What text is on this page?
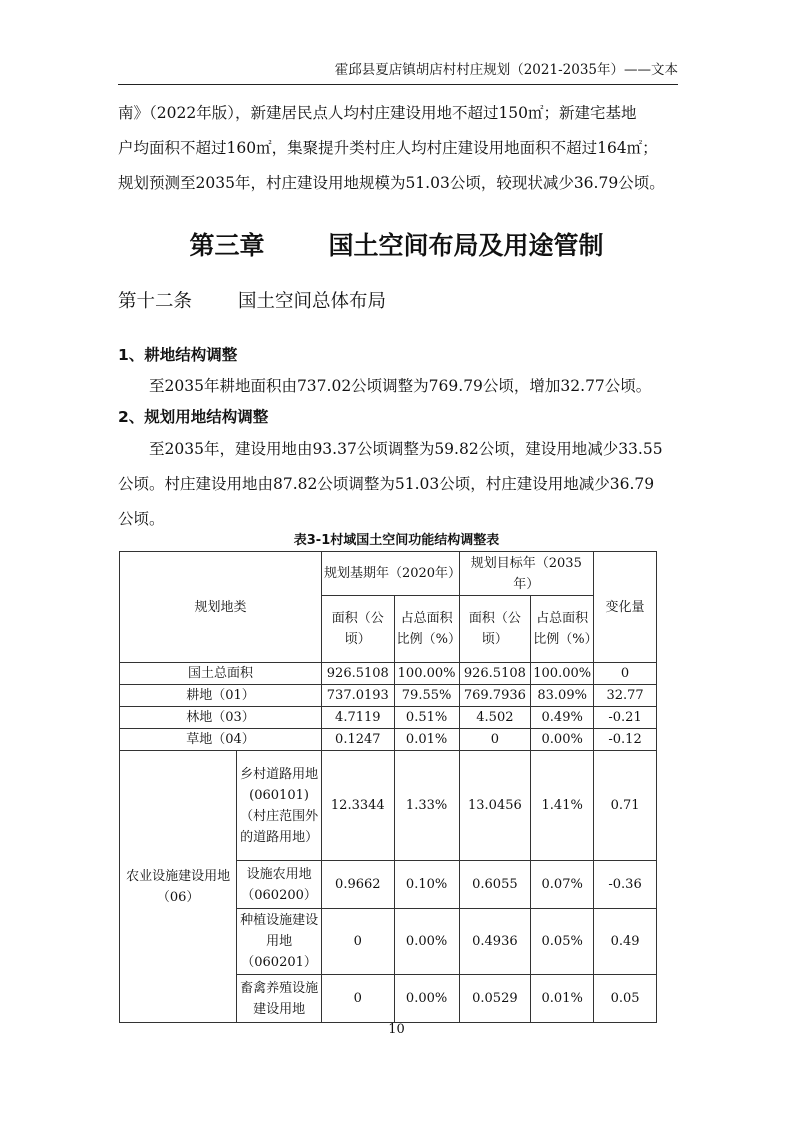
霍邱县夏店镇胡店村村庄规划（2021-2035年）——文本
南》（2022年版），新建居民点人均村庄建设用地不超过150㎡；新建宅基地
户均面积不超过160㎡，集聚提升类村庄人均村庄建设用地面积不超过164㎡；
规划预测至2035年，村庄建设用地规模为51.03公顷，较现状减少36.79公顷。
第三章	国土空间布局及用途管制
第十二条 国土空间总体布局
1、耕地结构调整
至2035年耕地面积由737.02公顷调整为769.79公顷，增加32.77公顷。
2、规划用地结构调整
至2035年，建设用地由93.37公顷调整为59.82公顷，建设用地减少33.55
公顷。村庄建设用地由87.82公顷调整为51.03公顷，村庄建设用地减少36.79
公顷。
表3-1村域国土空间功能结构调整表
规划地类		规划基期年（2020年）		规划目标年（2035年）		变化量
		面积（公顷）	占总面积比例（%）	面积（公顷）	占总面积比例（%）	
国土总面积		926.5108	100.00%	926.5108	100.00%	0
耕地（01）		737.0193	79.55%	769.7936	83.09%	32.77
林地（03）		4.7119	0.51%	4.502	0.49%	-0.21
草地（04）		0.1247	0.01%	0	0.00%	-0.12
农业设施建设用地（06）	乡村道路用地(060101)（村庄范围外的道路用地）	12.3344	1.33%	13.0456	1.41%	0.71
	设施农用地（060200）	0.9662	0.10%	0.6055	0.07%	-0.36
	种植设施建设用地（060201）	0	0.00%	0.4936	0.05%	0.49
	畜禽养殖设施建设用地	0	0.00%	0.0529	0.01%	0.05
10
